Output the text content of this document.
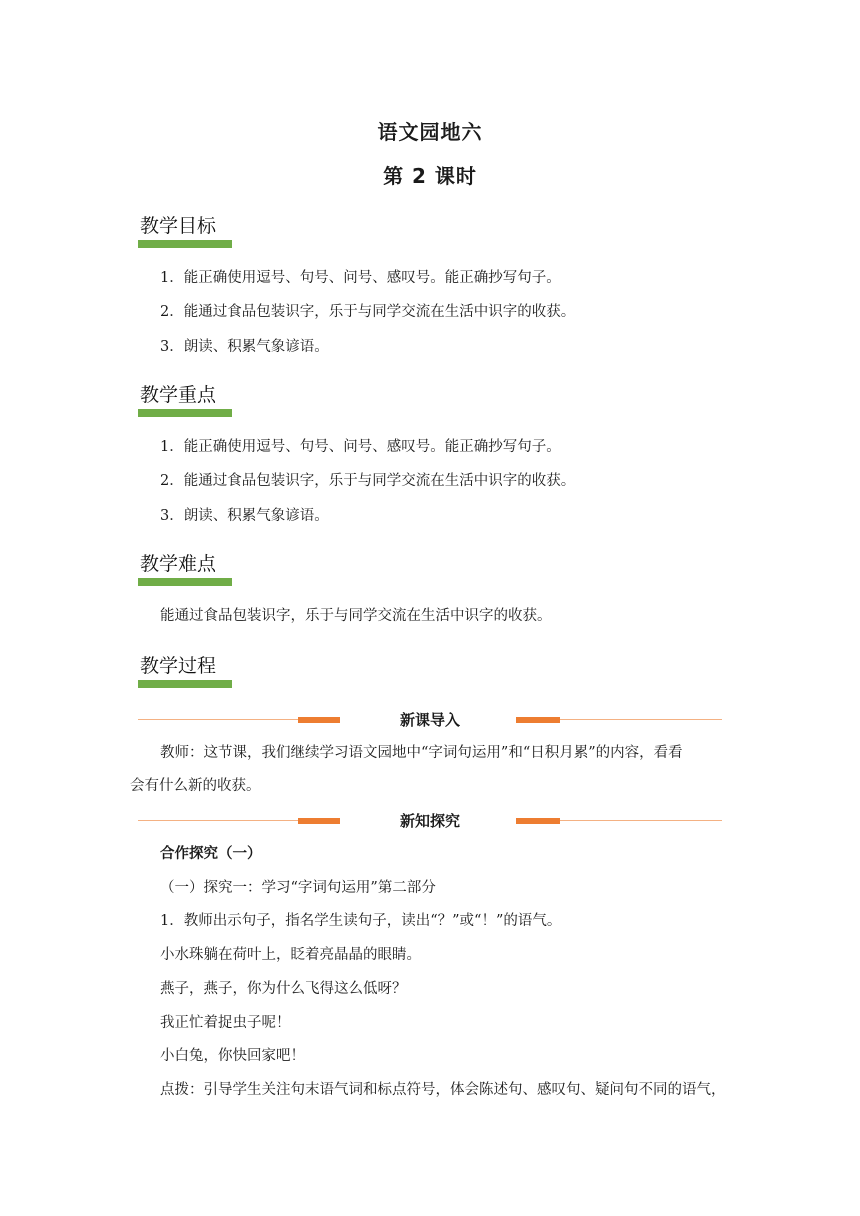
语文园地六
第 2 课时
教学目标
1．能正确使用逗号、句号、问号、感叹号。能正确抄写句子。
2．能通过食品包装识字，乐于与同学交流在生活中识字的收获。
3．朗读、积累气象谚语。
教学重点
1．能正确使用逗号、句号、问号、感叹号。能正确抄写句子。
2．能通过食品包装识字，乐于与同学交流在生活中识字的收获。
3．朗读、积累气象谚语。
教学难点
能通过食品包装识字，乐于与同学交流在生活中识字的收获。
教学过程
新课导入
教师：这节课，我们继续学习语文园地中“字词句运用”和“日积月累”的内容，看看
会有什么新的收获。
新知探究
合作探究（一）
（一）探究一：学习“字词句运用”第二部分
1．教师出示句子，指名学生读句子，读出“？”或“！”的语气。
小水珠躺在荷叶上，眨着亮晶晶的眼睛。
燕子，燕子，你为什么飞得这么低呀？
我正忙着捉虫子呢！
小白兔，你快回家吧！
点拨：引导学生关注句末语气词和标点符号，体会陈述句、感叹句、疑问句不同的语气，
